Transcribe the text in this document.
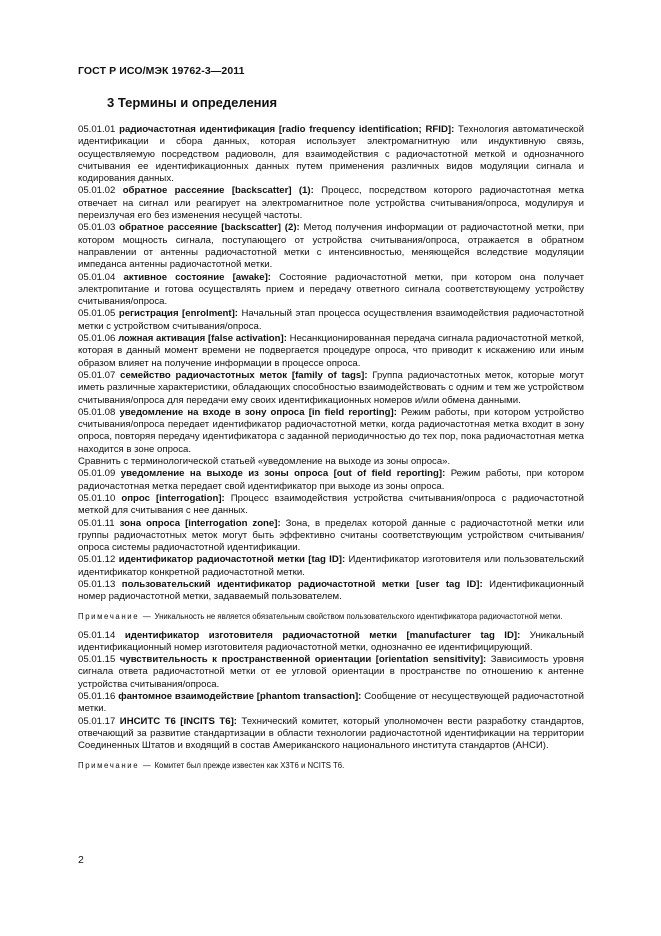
ГОСТ Р ИСО/МЭК 19762-3—2011
3 Термины и определения
05.01.01 радиочастотная идентификация [radio frequency identification; RFID]: Технология автоматической идентификации и сбора данных, которая использует электромагнитную или индуктивную связь, осуществляемую посредством радиоволн, для взаимодействия с радиочастотной меткой и однозначного считывания ее идентификационных данных путем применения различных видов модуляции сигнала и кодирования данных.
05.01.02 обратное рассеяние [backscatter] (1): Процесс, посредством которого радиочастотная метка отвечает на сигнал или реагирует на электромагнитное поле устройства считывания/опроса, модулируя и переизлучая его без изменения несущей частоты.
05.01.03 обратное рассеяние [backscatter] (2): Метод получения информации от радиочастотной метки, при котором мощность сигнала, поступающего от устройства считывания/опроса, отражается в обратном направлении от антенны радиочастотной метки с интенсивностью, меняющейся вследствие модуляции импеданса антенны радиочастотной метки.
05.01.04 активное состояние [awake]: Состояние радиочастотной метки, при котором она получает электропитание и готова осуществлять прием и передачу ответного сигнала соответствующему устройству считывания/опроса.
05.01.05 регистрация [enrolment]: Начальный этап процесса осуществления взаимодействия радиочастотной метки с устройством считывания/опроса.
05.01.06 ложная активация [false activation]: Несанкционированная передача сигнала радиочастотной меткой, которая в данный момент времени не подвергается процедуре опроса, что приводит к искажению или иным образом влияет на получение информации в процессе опроса.
05.01.07 семейство радиочастотных меток [family of tags]: Группа радиочастотных меток, которые могут иметь различные характеристики, обладающих способностью взаимодействовать с одним и тем же устройством считывания/опроса для передачи ему своих идентификационных номеров и/или обмена данными.
05.01.08 уведомление на входе в зону опроса [in field reporting]: Режим работы, при котором устройство считывания/опроса передает идентификатор радиочастотной метки, когда радиочастотная метка входит в зону опроса, повторяя передачу идентификатора с заданной периодичностью до тех пор, пока радиочастотная метка находится в зоне опроса.
Сравнить с терминологической статьей «уведомление на выходе из зоны опроса».
05.01.09 уведомление на выходе из зоны опроса [out of field reporting]: Режим работы, при котором радиочастотная метка передает свой идентификатор при выходе из зоны опроса.
05.01.10 опрос [interrogation]: Процесс взаимодействия устройства считывания/опроса с радиочастотной меткой для считывания с нее данных.
05.01.11 зона опроса [interrogation zone]: Зона, в пределах которой данные с радиочастотной метки или группы радиочастотных меток могут быть эффективно считаны соответствующим устройством считывания/опроса системы радиочастотной идентификации.
05.01.12 идентификатор радиочастотной метки [tag ID]: Идентификатор изготовителя или пользовательский идентификатор конкретной радиочастотной метки.
05.01.13 пользовательский идентификатор радиочастотной метки [user tag ID]: Идентификационный номер радиочастотной метки, задаваемый пользователем.
Примечание — Уникальность не является обязательным свойством пользовательского идентификатора радиочастотной метки.
05.01.14 идентификатор изготовителя радиочастотной метки [manufacturer tag ID]: Уникальный идентификационный номер изготовителя радиочастотной метки, однозначно ее идентифицирующий.
05.01.15 чувствительность к пространственной ориентации [orientation sensitivity]: Зависимость уровня сигнала ответа радиочастотной метки от ее угловой ориентации в пространстве по отношению к антенне устройства считывания/опроса.
05.01.16 фантомное взаимодействие [phantom transaction]: Сообщение от несуществующей радиочастотной метки.
05.01.17 ИНСИТС Т6 [INCITS T6]: Технический комитет, который уполномочен вести разработку стандартов, отвечающий за развитие стандартизации в области технологии радиочастотной идентификации на территории Соединенных Штатов и входящий в состав Американского национального института стандартов (АНСИ).
Примечание — Комитет был прежде известен как X3T6 и NCITS T6.
2
